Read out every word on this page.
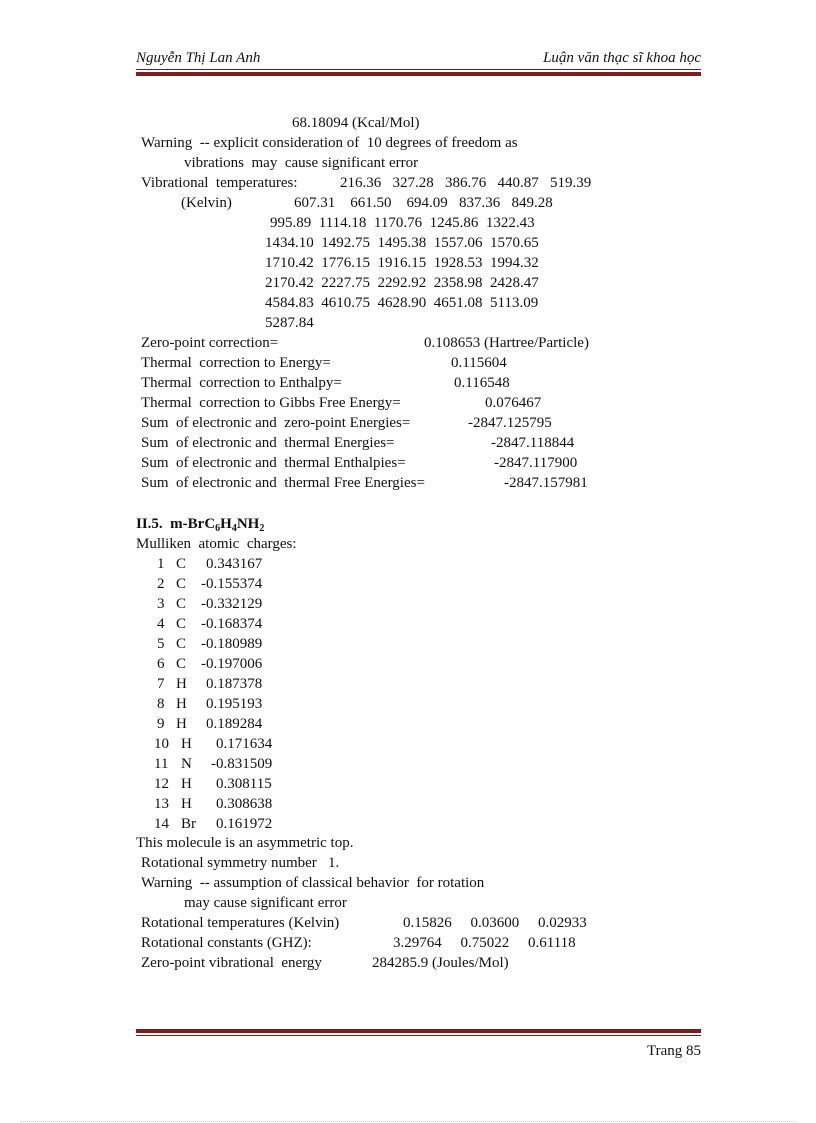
Nguyễn Thị Lan Anh	Luận văn thạc sĩ khoa học
68.18094 (Kcal/Mol)
Warning  -- explicit consideration of  10 degrees of freedom as
vibrations  may  cause significant error
Vibrational  temperatures:	216.36   327.28   386.76   440.87   519.39
(Kelvin)	607.31    661.50    694.09   837.36   849.28
995.89  1114.18  1170.76  1245.86  1322.43
1434.10  1492.75  1495.38  1557.06  1570.65
1710.42  1776.15  1916.15  1928.53  1994.32
2170.42  2227.75  2292.92  2358.98  2428.47
4584.83  4610.75  4628.90  4651.08  5113.09
5287.84
Zero-point correction=	0.108653 (Hartree/Particle)
Thermal  correction to Energy=	0.115604
Thermal  correction to Enthalpy=	0.116548
Thermal  correction to Gibbs Free Energy=	0.076467
Sum  of electronic and  zero-point Energies=	-2847.125795
Sum  of electronic and  thermal Energies=	-2847.118844
Sum  of electronic and  thermal Enthalpies=	-2847.117900
Sum  of electronic and  thermal Free Energies=	-2847.157981
II.5.  $m-BrC_6H_4NH_2$
Mulliken  atomic  charges:
1 C 0.343167
2 C -0.155374
3 C -0.332129
4 C -0.168374
5 C -0.180989
6 C -0.197006
7 H 0.187378
8 H 0.195193
9 H 0.189284
10 H 0.171634
11 N -0.831509
12 H 0.308115
13 H 0.308638
14 Br 0.161972
This molecule is an asymmetric top.
Rotational symmetry number   1.
Warning  -- assumption of classical behavior  for rotation
may cause significant error
Rotational temperatures (Kelvin)	0.15826     0.03600     0.02933
Rotational constants (GHZ):	3.29764     0.75022     0.61118
Zero-point vibrational  energy	284285.9 (Joules/Mol)
Trang 85
